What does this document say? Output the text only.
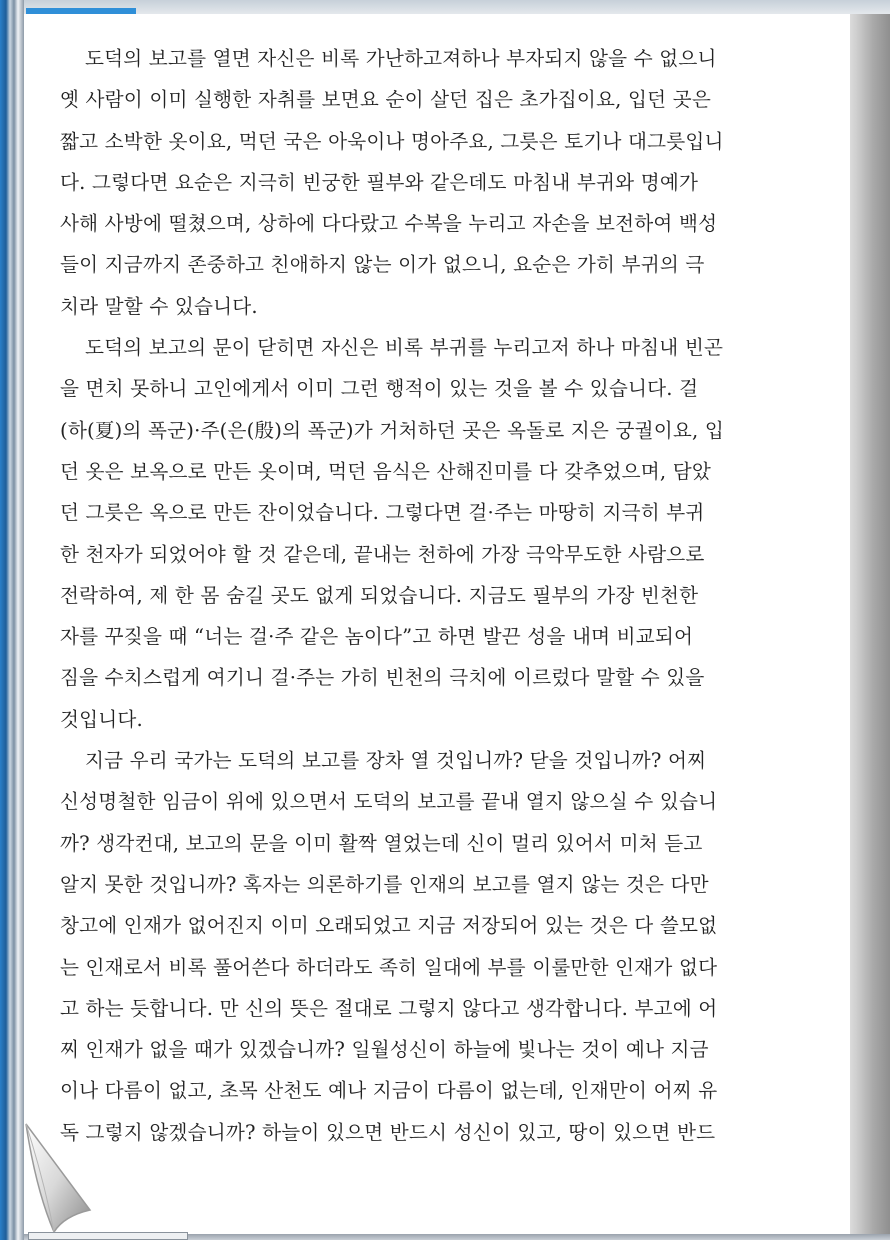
도덕의 보고를 열면 자신은 비록 가난하고져하나 부자되지 않을 수 없으니
옛 사람이 이미 실행한 자취를 보면요 순이 살던 집은 초가집이요, 입던 곳은
짧고 소박한 옷이요, 먹던 국은 아욱이나 명아주요, 그릇은 토기나 대그릇입니
다. 그렇다면 요순은 지극히 빈궁한 필부와 같은데도 마침내 부귀와 명예가
사해 사방에 떨쳤으며, 상하에 다다랐고 수복을 누리고 자손을 보전하여 백성
들이 지금까지 존중하고 친애하지 않는 이가 없으니, 요순은 가히 부귀의 극
치라 말할 수 있습니다.
도덕의 보고의 문이 닫히면 자신은 비록 부귀를 누리고저 하나 마침내 빈곤
을 면치 못하니 고인에게서 이미 그런 행적이 있는 것을 볼 수 있습니다. 걸
(하(夏)의 폭군)·주(은(殷)의 폭군)가 거처하던 곳은 옥돌로 지은 궁궐이요, 입
던 옷은 보옥으로 만든 옷이며, 먹던 음식은 산해진미를 다 갖추었으며, 담았
던 그릇은 옥으로 만든 잔이었습니다. 그렇다면 걸·주는 마땅히 지극히 부귀
한 천자가 되었어야 할 것 같은데, 끝내는 천하에 가장 극악무도한 사람으로
전락하여, 제 한 몸 숨길 곳도 없게 되었습니다. 지금도 필부의 가장 빈천한
자를 꾸짖을 때 “너는 걸·주 같은 놈이다”고 하면 발끈 성을 내며 비교되어
짐을 수치스럽게 여기니 걸·주는 가히 빈천의 극치에 이르렀다 말할 수 있을
것입니다.
지금 우리 국가는 도덕의 보고를 장차 열 것입니까? 닫을 것입니까? 어찌
신성명철한 임금이 위에 있으면서 도덕의 보고를 끝내 열지 않으실 수 있습니
까? 생각컨대, 보고의 문을 이미 활짝 열었는데 신이 멀리 있어서 미처 듣고
알지 못한 것입니까? 혹자는 의론하기를 인재의 보고를 열지 않는 것은 다만
창고에 인재가 없어진지 이미 오래되었고 지금 저장되어 있는 것은 다 쓸모없
는 인재로서 비록 풀어쓴다 하더라도 족히 일대에 부를 이룰만한 인재가 없다
고 하는 듯합니다. 만 신의 뜻은 절대로 그렇지 않다고 생각합니다. 부고에 어
찌 인재가 없을 때가 있겠습니까? 일월성신이 하늘에 빛나는 것이 예나 지금
이나 다름이 없고, 초목 산천도 예나 지금이 다름이 없는데, 인재만이 어찌 유
독 그렇지 않겠습니까? 하늘이 있으면 반드시 성신이 있고, 땅이 있으면 반드
